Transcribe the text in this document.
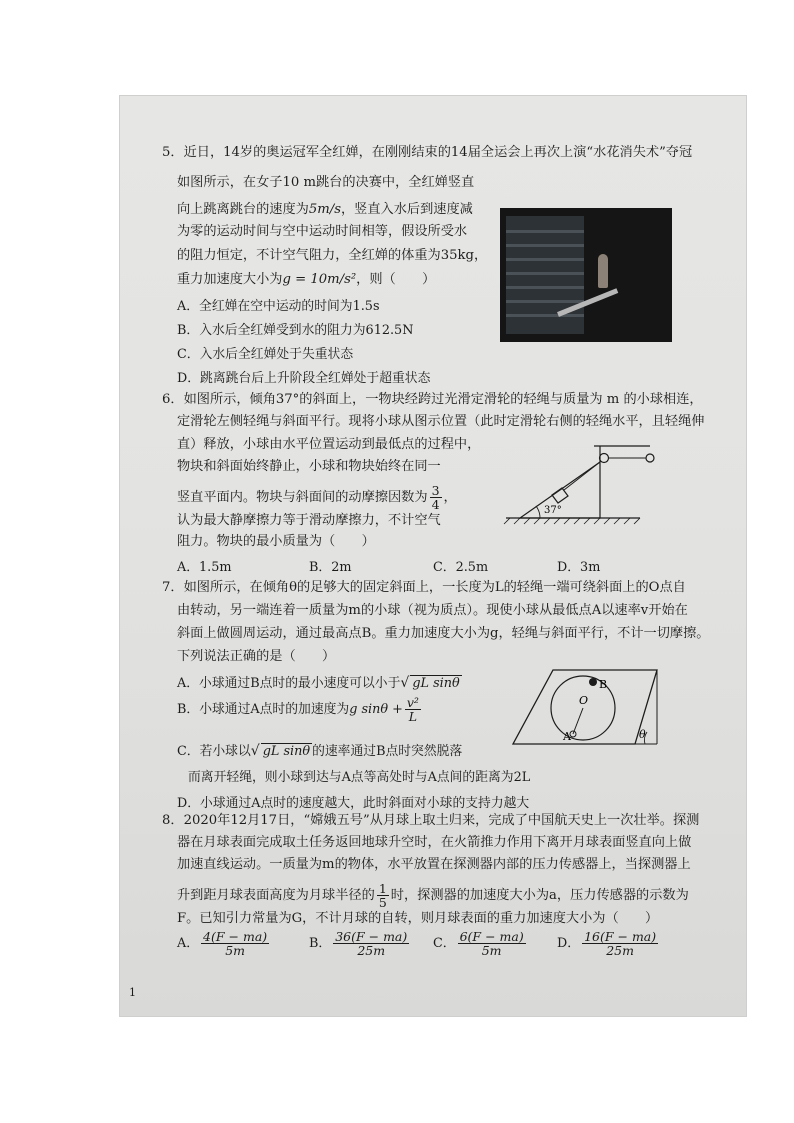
5．近日，14岁的奥运冠军全红婵，在刚刚结束的14届全运会上再次上演“水花消失术”夺冠
如图所示，在女子10 m跳台的决赛中，全红婵竖直
向上跳离跳台的速度为5m/s，竖直入水后到速度减
为零的运动时间与空中运动时间相等，假设所受水
的阻力恒定，不计空气阻力，全红婵的体重为35kg，
重力加速度大小为g = 10m/s²，则（　　）
A．全红婵在空中运动的时间为1.5s
B．入水后全红婵受到水的阻力为612.5N
C．入水后全红婵处于失重状态
D．跳离跳台后上升阶段全红婵处于超重状态
6．如图所示，倾角37°的斜面上，一物块经跨过光滑定滑轮的轻绳与质量为 m 的小球相连，
定滑轮左侧轻绳与斜面平行。现将小球从图示位置（此时定滑轮右侧的轻绳水平，且轻绳伸
直）释放，小球由水平位置运动到最低点的过程中，
物块和斜面始终静止，小球和物块始终在同一
竖直平面内。物块与斜面间的动摩擦因数为 $\frac{3}{4}$ ，
认为最大静摩擦力等于滑动摩擦力，不计空气
阻力。物块的最小质量为（　　）
A．1.5m	B．2m	C．2.5m	D．3m
37°
7．如图所示，在倾角θ的足够大的固定斜面上，一长度为L的轻绳一端可绕斜面上的O点自
由转动，另一端连着一质量为m的小球（视为质点）。现使小球从最低点A以速率v开始在
斜面上做圆周运动，通过最高点B。重力加速度大小为g，轻绳与斜面平行，不计一切摩擦。
下列说法正确的是（　　）
A．小球通过B点时的最小速度可以小于√ gL sinθ
B．小球通过A点时的加速度为g $\sin\theta + \frac{\text{v²}}{L}$
C．若小球以√ gL sinθ 的速率通过B点时突然脱落
而离开轻绳，则小球到达与A点等高处时与A点间的距离为2L
D．小球通过A点时的速度越大，此时斜面对小球的支持力越大
B
O
A	θ
8．2020年12月17日，“嫦娥五号”从月球上取土归来，完成了中国航天史上一次壮举。探测
器在月球表面完成取土任务返回地球升空时，在火箭推力作用下离开月球表面竖直向上做
加速直线运动。一质量为m的物体，水平放置在探测器内部的压力传感器上，当探测器上
升到距月球表面高度为月球半径的 $\frac{1}{5}$ 时，探测器的加速度大小为a，压力传感器的示数为
F。已知引力常量为G，不计月球的自转，则月球表面的重力加速度大小为（　　）
A． $\frac{4(F - ma)}{5m}$	B． $\frac{36(F - ma)}{25m}$ C． $\frac{6(F - ma)}{5m}$ D． $\frac{16(F - ma)}{25m}$
1
